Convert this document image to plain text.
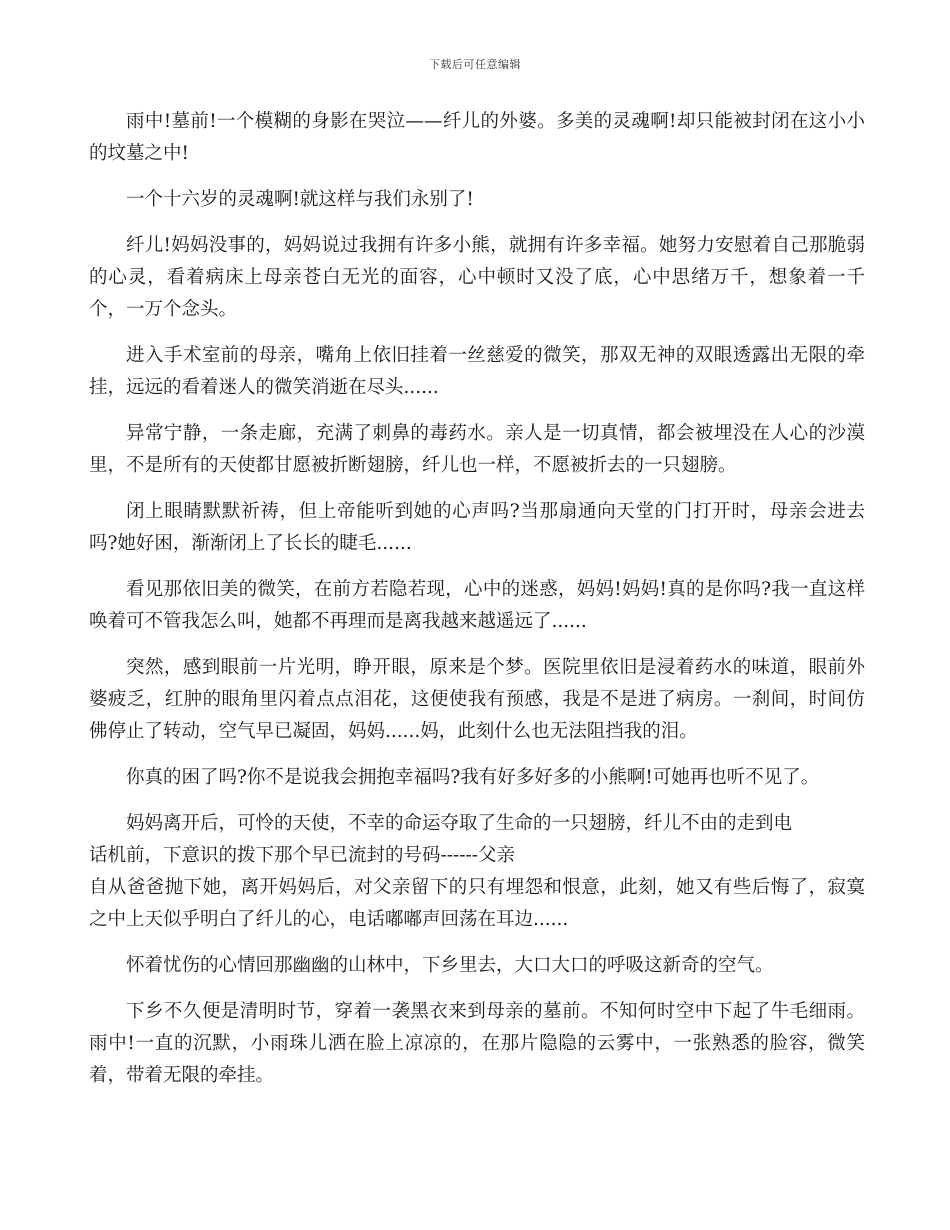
下载后可任意编辑

雨中!墓前!一个模糊的身影在哭泣——纤儿的外婆。多美的灵魂啊!却只能被封闭在这小小的坟墓之中!

一个十六岁的灵魂啊!就这样与我们永别了!

纤儿!妈妈没事的，妈妈说过我拥有许多小熊，就拥有许多幸福。她努力安慰着自己那脆弱的心灵，看着病床上母亲苍白无光的面容，心中顿时又没了底，心中思绪万千，想象着一千个，一万个念头。

进入手术室前的母亲，嘴角上依旧挂着一丝慈爱的微笑，那双无神的双眼透露出无限的牵挂，远远的看着迷人的微笑消逝在尽头......

异常宁静，一条走廊，充满了刺鼻的毒药水。亲人是一切真情，都会被埋没在人心的沙漠里，不是所有的天使都甘愿被折断翅膀，纤儿也一样，不愿被折去的一只翅膀。

闭上眼睛默默祈祷，但上帝能听到她的心声吗?当那扇通向天堂的门打开时，母亲会进去吗?她好困，渐渐闭上了长长的睫毛......

看见那依旧美的微笑，在前方若隐若现，心中的迷惑，妈妈!妈妈!真的是你吗?我一直这样唤着可不管我怎么叫，她都不再理而是离我越来越遥远了......

突然，感到眼前一片光明，睁开眼，原来是个梦。医院里依旧是浸着药水的味道，眼前外婆疲乏，红肿的眼角里闪着点点泪花，这便使我有预感，我是不是进了病房。一刹间，时间仿佛停止了转动，空气早已凝固，妈妈......妈，此刻什么也无法阻挡我的泪。

你真的困了吗?你不是说我会拥抱幸福吗?我有好多好多的小熊啊!可她再也听不见了。

妈妈离开后，可怜的天使，不幸的命运夺取了生命的一只翅膀，纤儿不由的走到电
话机前，下意识的拨下那个早已流封的号码------父亲
自从爸爸抛下她，离开妈妈后，对父亲留下的只有埋怨和恨意，此刻，她又有些后悔了，寂寞之中上天似乎明白了纤儿的心，电话嘟嘟声回荡在耳边......

怀着忧伤的心情回那幽幽的山林中，下乡里去，大口大口的呼吸这新奇的空气。

下乡不久便是清明时节，穿着一袭黑衣来到母亲的墓前。不知何时空中下起了牛毛细雨。雨中!一直的沉默，小雨珠儿洒在脸上凉凉的，在那片隐隐的云雾中，一张熟悉的脸容，微笑着，带着无限的牵挂。
